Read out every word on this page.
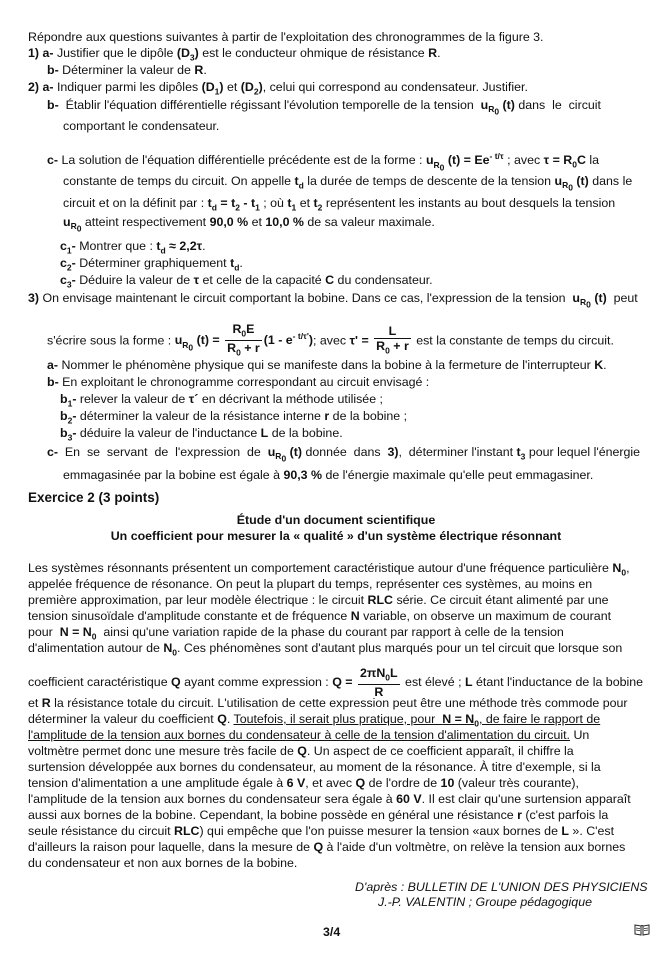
Répondre aux questions suivantes à partir de l'exploitation des chronogrammes de la figure 3.
1) a- Justifier que le dipôle $(D_3)$ est le conducteur ohmique de résistance R.
b- Déterminer la valeur de R.
2) a- Indiquer parmi les dipôles $(D_1)$ et $(D_2)$, celui qui correspond au condensateur. Justifier.
b-  Établir l'équation différentielle régissant l'évolution temporelle de la tension  $u_{R_0}$ (t) dans  le  circuit
comportant le condensateur.
c- La solution de l'équation différentielle précédente est de la forme : $u_{R_0}$ $(t) = Ee^{- t/\tau}$ ; avec $\tau = R_0C$ la
constante de temps du circuit. On appelle $t_d$ la durée de temps de descente de la tension $u_{R_0}$ (t) dans le
circuit et on la définit par : $t_d = t_2 - t_1$ ; où $t_1$ et $t_2$ représentent les instants au bout desquels la tension
$u_{R_0}$ atteint respectivement 90,0 % et 10,0 % de sa valeur maximale.
$c_1-$ Montrer que : $t_d \approx 2,2\tau$.
$c_2-$ Déterminer graphiquement $t_d$.
$c_3-$ Déduire la valeur de τ et celle de la capacité C du condensateur.
3) On envisage maintenant le circuit comportant la bobine. Dans ce cas, l'expression de la tension  $u_{R_0}$ (t)  peut
s'écrire sous la forme : $u_{R_0}$ $(t) = \frac{R_0E}{R_0 + r} (1 - e^{- t/\tau'})$; avec $\tau' = \frac{L}{R_0 + r}$ est la constante de temps du circuit.
a- Nommer le phénomène physique qui se manifeste dans la bobine à la fermeture de l'interrupteur K.
b- En exploitant le chronogramme correspondant au circuit envisagé :
$b_1-$ relever la valeur de τ´ en décrivant la méthode utilisée ;
$b_2-$ déterminer la valeur de la résistance interne r de la bobine ;
$b_3-$ déduire la valeur de l'inductance L de la bobine.
c-  En  se  servant  de  l'expression  de  $u_{R_0}$ (t) donnée  dans  3),  déterminer l'instant $t_3$ pour lequel l'énergie
emmagasinée par la bobine est égale à 90,3 % de l'énergie maximale qu'elle peut emmagasiner.
Exercice 2 (3 points)
Étude d'un document scientifique
Un coefficient pour mesurer la « qualité » d'un système électrique résonnant
Les systèmes résonnants présentent un comportement caractéristique autour d'une fréquence particulière $N_0$,
appelée fréquence de résonance. On peut la plupart du temps, représenter ces systèmes, au moins en
première approximation, par leur modèle électrique : le circuit RLC série. Ce circuit étant alimenté par une
tension sinusoïdale d'amplitude constante et de fréquence N variable, on observe un maximum de courant
pour  $N = N_0$  ainsi qu'une variation rapide de la phase du courant par rapport à celle de la tension
d'alimentation autour de $N_0$. Ces phénomènes sont d'autant plus marqués pour un tel circuit que lorsque son
coefficient caractéristique Q ayant comme expression : $Q = \frac{2\pi N_0L}{R}$ est élevé ; L étant l'inductance de la bobine
et R la résistance totale du circuit. L'utilisation de cette expression peut être une méthode très commode pour
déterminer la valeur du coefficient Q. Toutefois, il serait plus pratique, pour  $N = N_0$, de faire le rapport de
l'amplitude de la tension aux bornes du condensateur à celle de la tension d'alimentation du circuit. Un
voltmètre permet donc une mesure très facile de Q. Un aspect de ce coefficient apparaît, il chiffre la
surtension développée aux bornes du condensateur, au moment de la résonance. À titre d'exemple, si la
tension d'alimentation a une amplitude égale à 6 V, et avec Q de l'ordre de 10 (valeur très courante),
l'amplitude de la tension aux bornes du condensateur sera égale à 60 V. Il est clair qu'une surtension apparaît
aussi aux bornes de la bobine. Cependant, la bobine possède en général une résistance r (c'est parfois la
seule résistance du circuit RLC) qui empêche que l'on puisse mesurer la tension «aux bornes de L ». C'est
d'ailleurs la raison pour laquelle, dans la mesure de Q à l'aide d'un voltmètre, on relève la tension aux bornes
du condensateur et non aux bornes de la bobine.
D'après : BULLETIN DE L'UNION DES PHYSICIENS
J.-P. VALENTIN ; Groupe pédagogique
3/4
